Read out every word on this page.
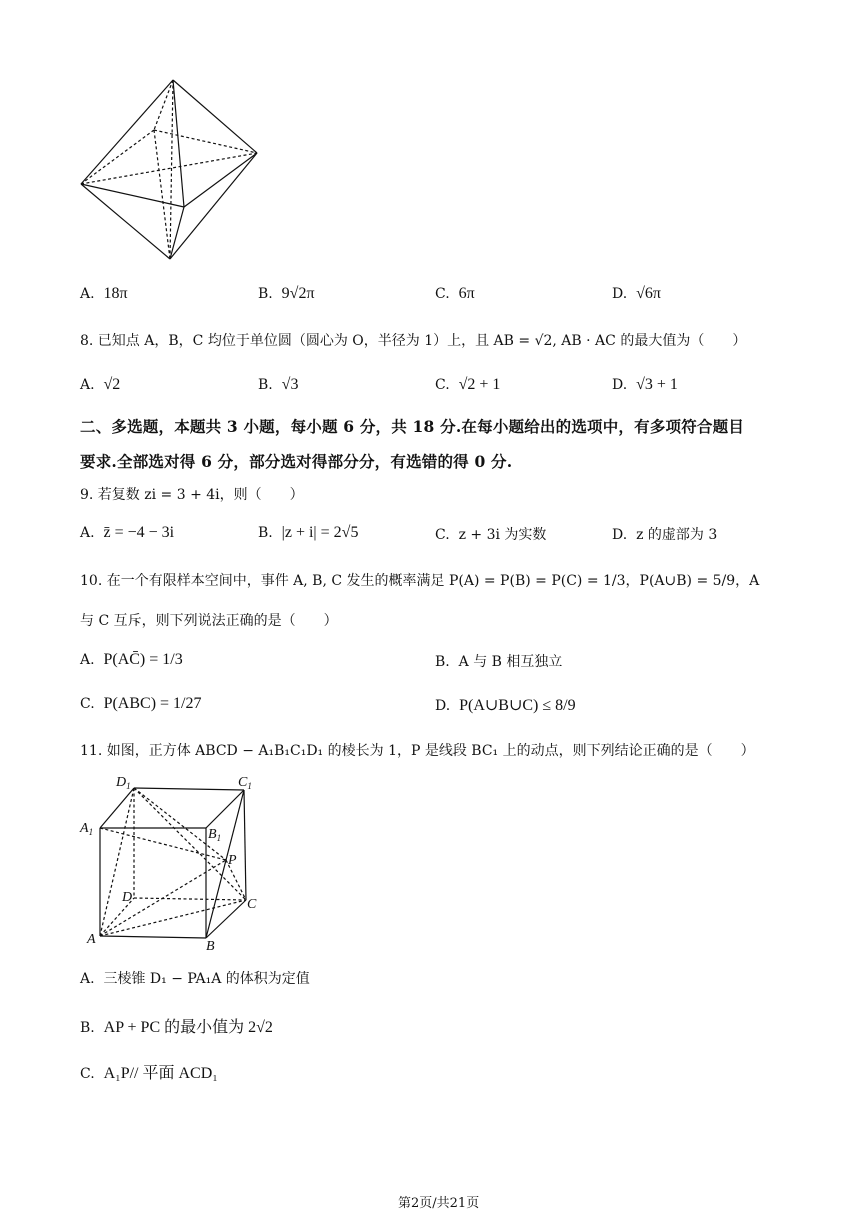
A. 18π	B. 9√2π	C. 6π	D. √6π
8. 已知点 A，B，C 均位于单位圆（圆心为 O，半径为 1）上，且 AB = √2, AB · AC 的最大值为（　　）
A. √2	B. √3	C. √2 + 1	D. √3 + 1
二、多选题，本题共 3 小题，每小题 6 分，共 18 分.在每小题给出的选项中，有多项符合题目
要求.全部选对得 6 分，部分选对得部分分，有选错的得 0 分.
9. 若复数 zi = 3 + 4i，则（　　）
A. z̄ = −4 − 3i	B. |z + i| = 2√5	C. z + 3i 为实数	D. z 的虚部为 3
10. 在一个有限样本空间中，事件 A, B, C 发生的概率满足 P(A) = P(B) = P(C) = 1/3，P(A∪B) = 5/9，A
与 C 互斥，则下列说法正确的是（　　）
A. P(AC̄) = 1/3	B. A 与 B 相互独立
C. P(ABC) = 1/27	D. P(A∪B∪C) ≤ 8/9
11. 如图，正方体 ABCD − A₁B₁C₁D₁ 的棱长为 1，P 是线段 BC₁ 上的动点，则下列结论正确的是（　　）
$D_1$	$C_1$
$A_1$	$B_1$
P
D	C
A	B
A. 三棱锥 D₁ − PA₁A 的体积为定值
B. AP + PC 的最小值为 2√2
C. A₁P// 平面 ACD₁
第2页/共21页
